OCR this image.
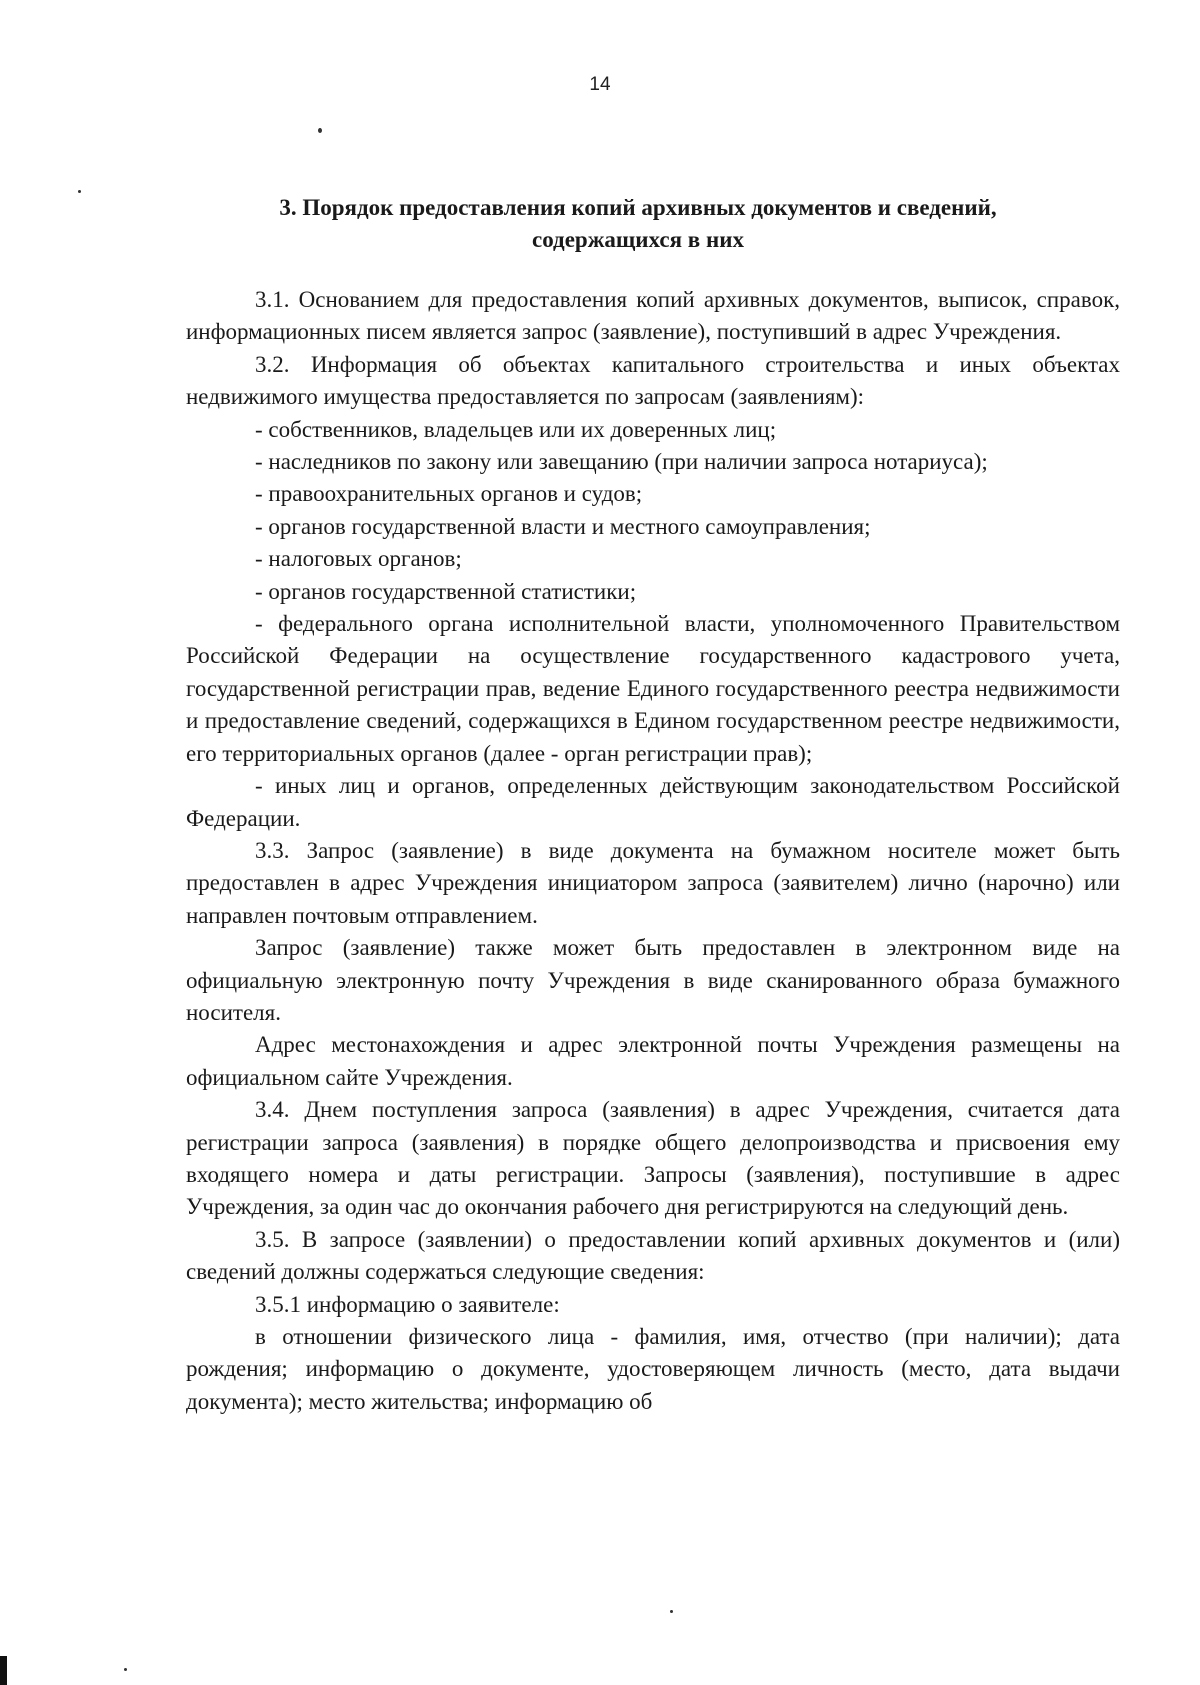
14
3. Порядок предоставления копий архивных документов и сведений,
содержащихся в них

3.1. Основанием для предоставления копий архивных документов, выписок, справок, информационных писем является запрос (заявление), поступивший в адрес Учреждения.

3.2. Информация об объектах капитального строительства и иных объектах недвижимого имущества предоставляется по запросам (заявлениям):

- собственников, владельцев или их доверенных лиц;

- наследников по закону или завещанию (при наличии запроса нотариуса);

- правоохранительных органов и судов;

- органов государственной власти и местного самоуправления;

- налоговых органов;

- органов государственной статистики;

- федерального органа исполнительной власти, уполномоченного Правительством Российской Федерации на осуществление государственного кадастрового учета, государственной регистрации прав, ведение Единого государственного реестра недвижимости и предоставление сведений, содержащихся в Едином государственном реестре недвижимости, его территориальных органов (далее - орган регистрации прав);

- иных лиц и органов, определенных действующим законодательством Российской Федерации.

3.3. Запрос (заявление) в виде документа на бумажном носителе может быть предоставлен в адрес Учреждения инициатором запроса (заявителем) лично (нарочно) или направлен почтовым отправлением.

Запрос (заявление) также может быть предоставлен в электронном виде на официальную электронную почту Учреждения в виде сканированного образа бумажного носителя.

Адрес местонахождения и адрес электронной почты Учреждения размещены на официальном сайте Учреждения.

3.4. Днем поступления запроса (заявления) в адрес Учреждения, считается дата регистрации запроса (заявления) в порядке общего делопроизводства и присвоения ему входящего номера и даты регистрации. Запросы (заявления), поступившие в адрес Учреждения, за один час до окончания рабочего дня регистрируются на следующий день.

3.5. В запросе (заявлении) о предоставлении копий архивных документов и (или) сведений должны содержаться следующие сведения:

3.5.1 информацию о заявителе:

в отношении физического лица - фамилия, имя, отчество (при наличии); дата рождения; информацию о документе, удостоверяющем личность (место, дата выдачи документа); место жительства; информацию об
